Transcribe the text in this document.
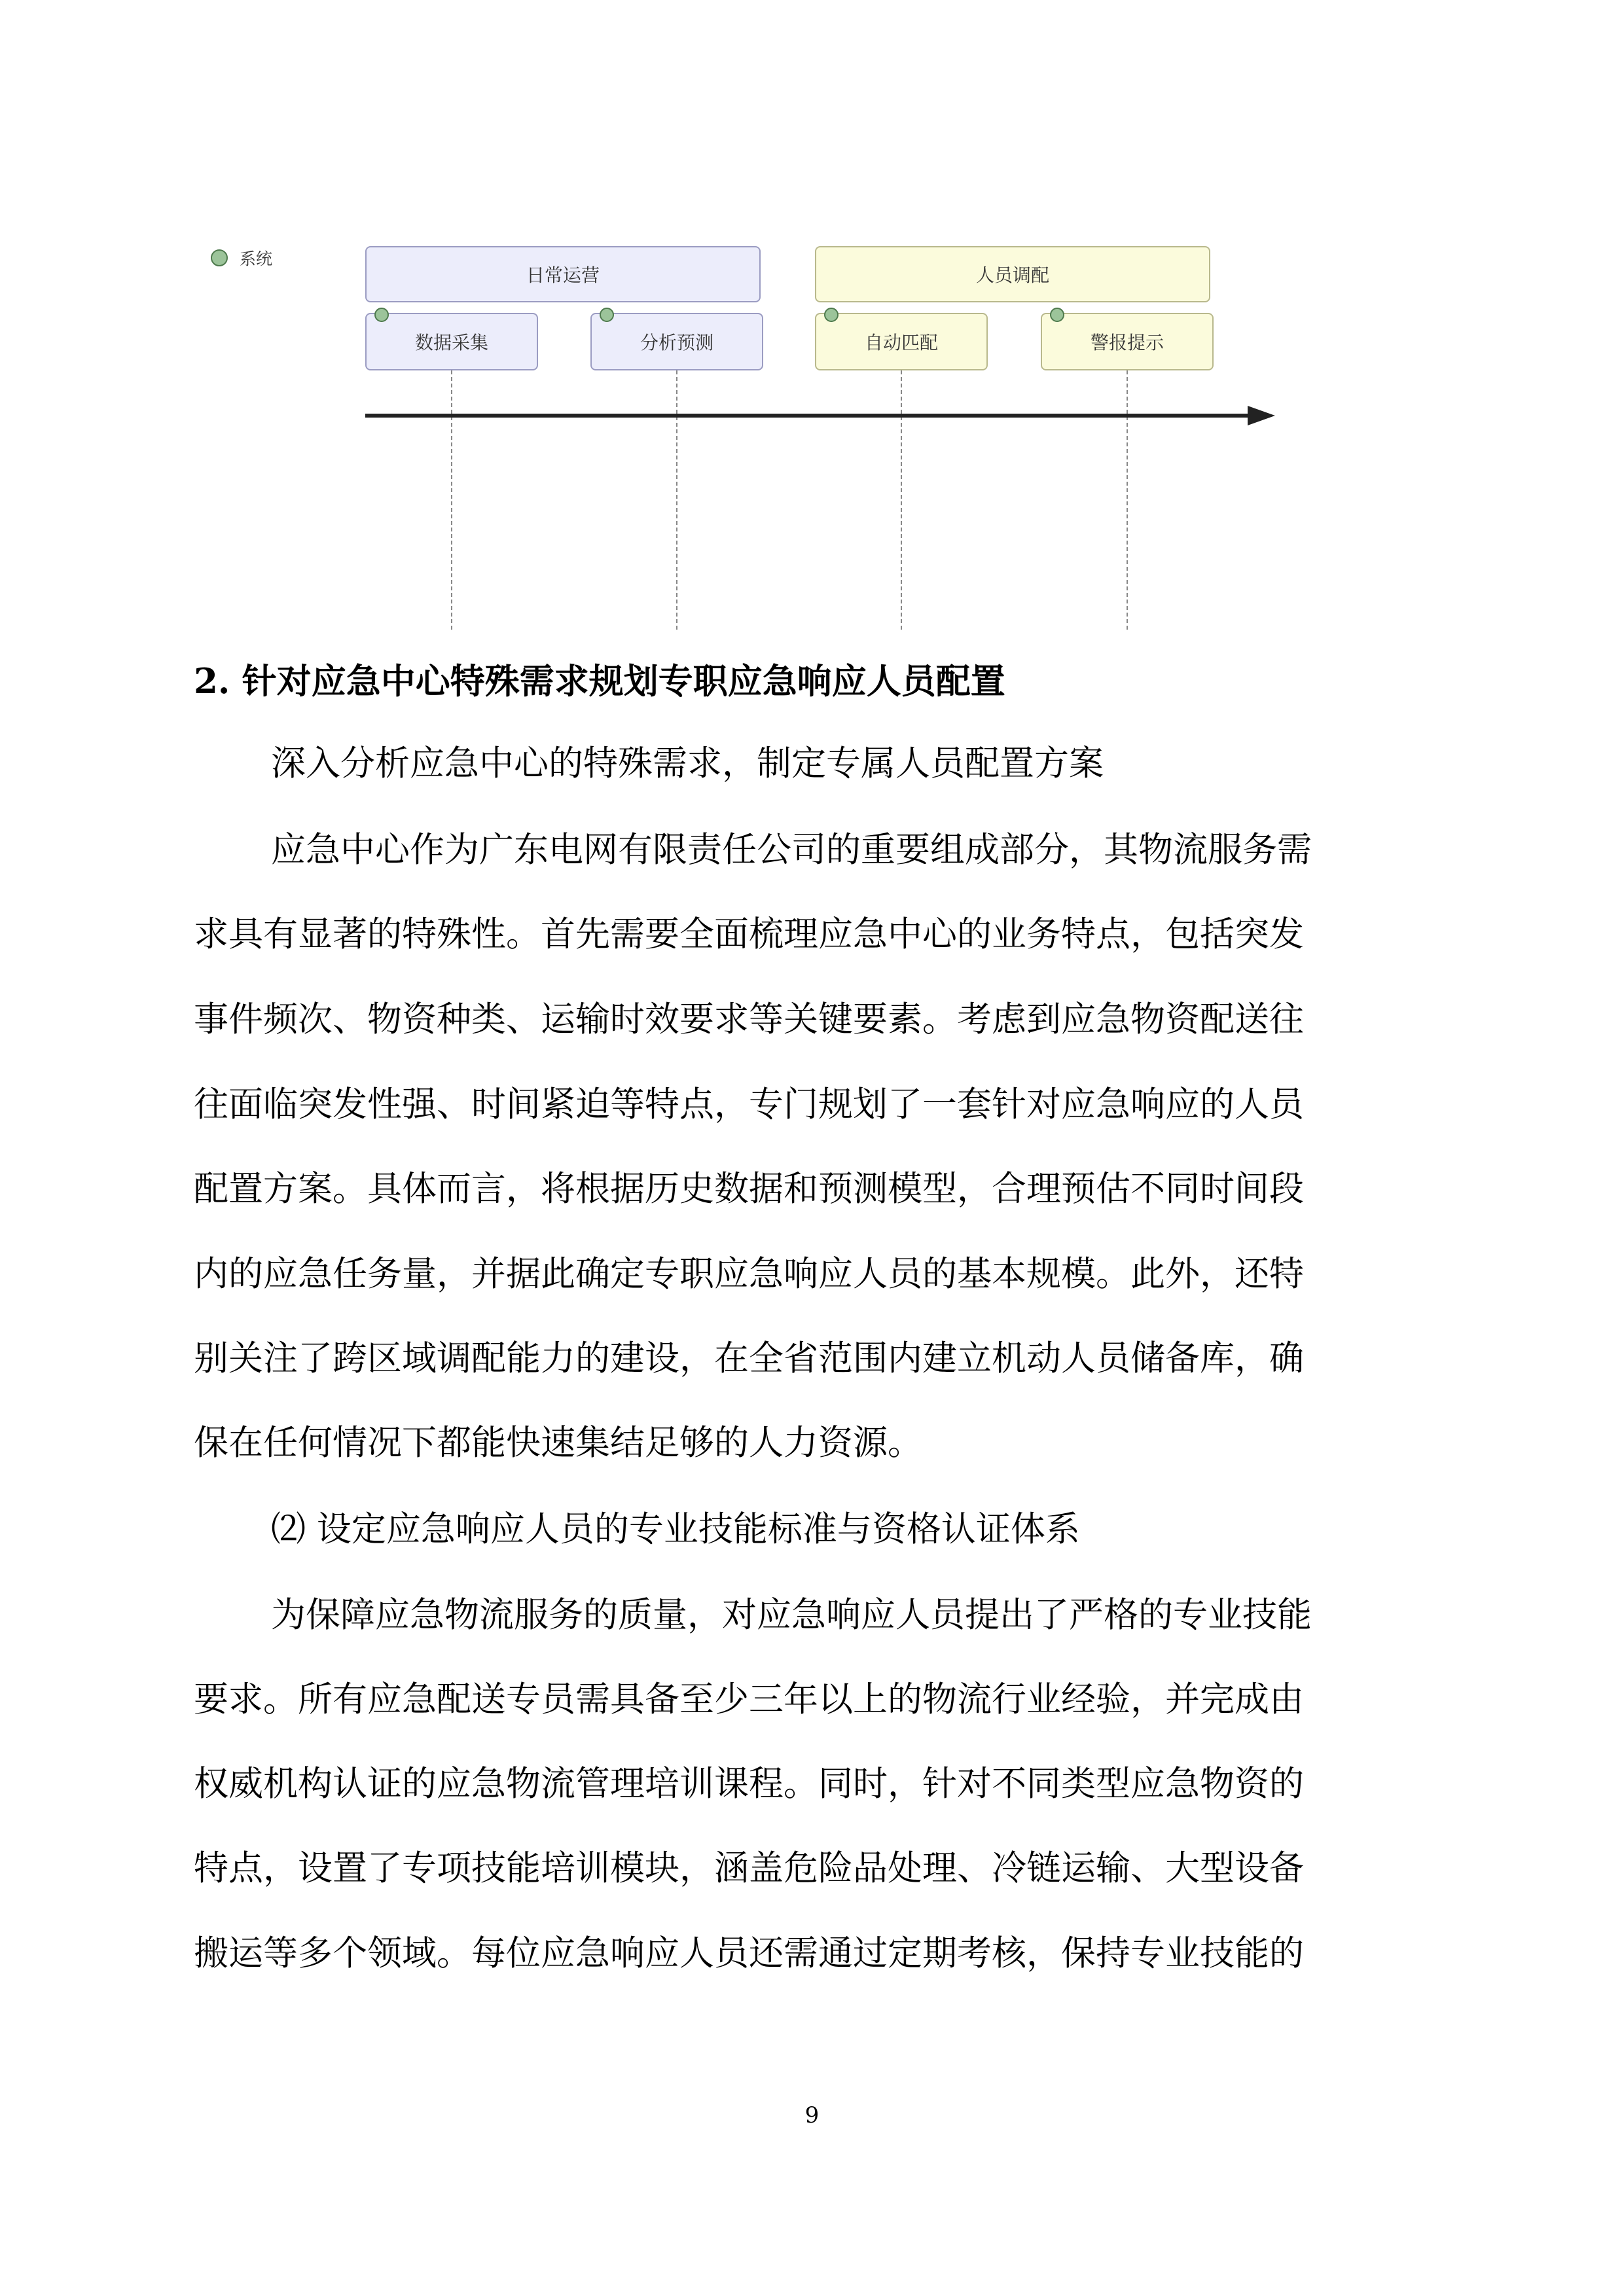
系统
日常运营	人员调配
数据采集	分析预测	自动匹配	警报提示
2. 针对应急中心特殊需求规划专职应急响应人员配置
深入分析应急中心的特殊需求，制定专属人员配置方案
应急中心作为广东电网有限责任公司的重要组成部分，其物流服务需
求具有显著的特殊性。首先需要全面梳理应急中心的业务特点，包括突发
事件频次、物资种类、运输时效要求等关键要素。考虑到应急物资配送往
往面临突发性强、时间紧迫等特点，专门规划了一套针对应急响应的人员
配置方案。具体而言，将根据历史数据和预测模型，合理预估不同时间段
内的应急任务量，并据此确定专职应急响应人员的基本规模。此外，还特
别关注了跨区域调配能力的建设，在全省范围内建立机动人员储备库，确
保在任何情况下都能快速集结足够的人力资源。
⑵ 设定应急响应人员的专业技能标准与资格认证体系
为保障应急物流服务的质量，对应急响应人员提出了严格的专业技能
要求。所有应急配送专员需具备至少三年以上的物流行业经验，并完成由
权威机构认证的应急物流管理培训课程。同时，针对不同类型应急物资的
特点，设置了专项技能培训模块，涵盖危险品处理、冷链运输、大型设备
搬运等多个领域。每位应急响应人员还需通过定期考核，保持专业技能的
9
